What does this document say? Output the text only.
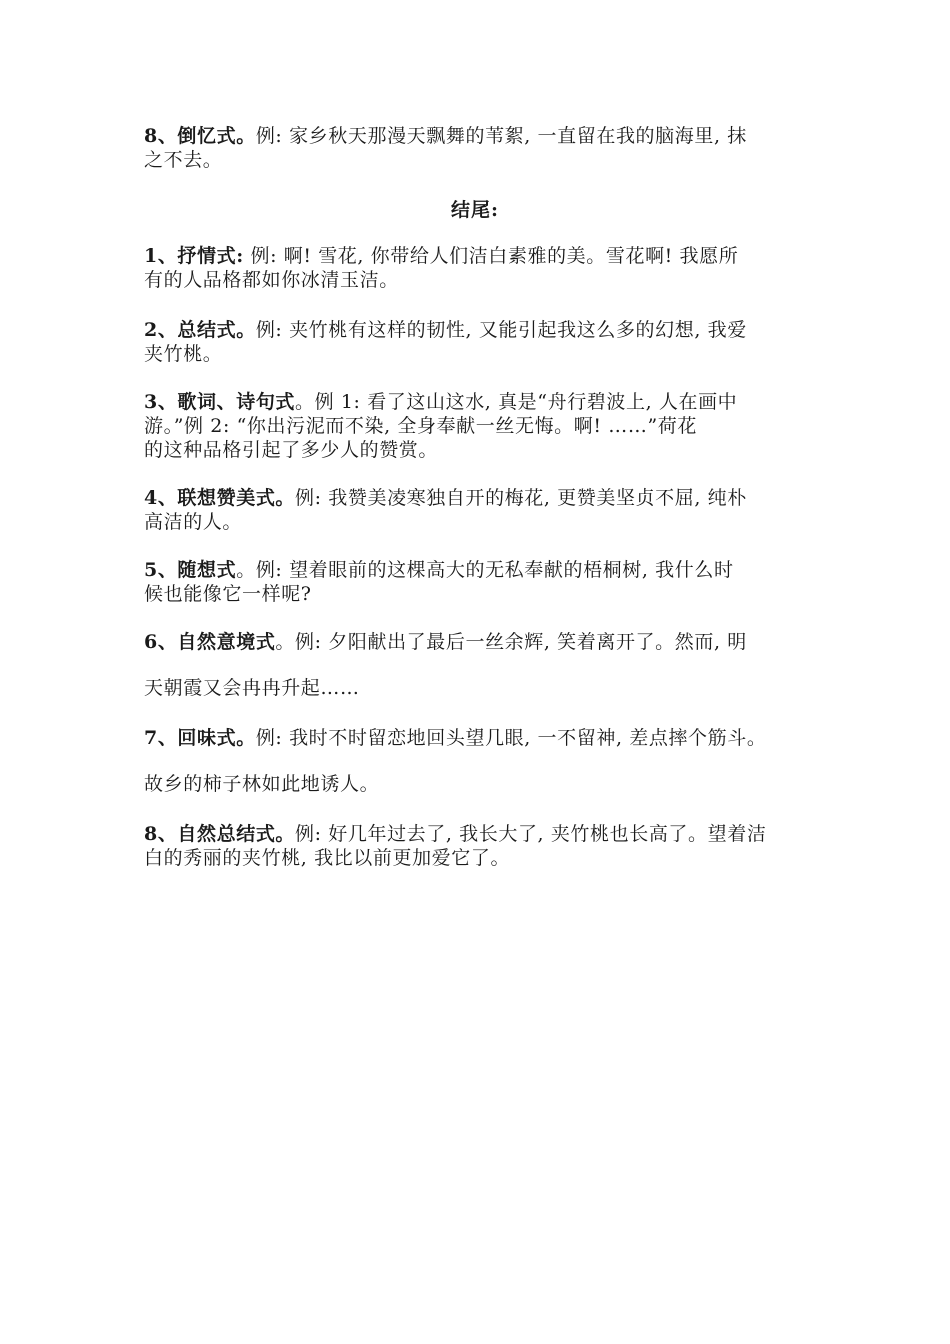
8、倒忆式。例: 家乡秋天那漫天飘舞的苇絮, 一直留在我的脑海里, 抹
之不去。
结尾:
1、抒情式: 例: 啊! 雪花, 你带给人们洁白素雅的美。雪花啊! 我愿所
有的人品格都如你冰清玉洁。
2、总结式。例: 夹竹桃有这样的韧性, 又能引起我这么多的幻想, 我爱
夹竹桃。
3、歌词、诗句式。例 1: 看了这山这水, 真是“舟行碧波上, 人在画中
游。”例 2: “你出污泥而不染, 全身奉献一丝无悔。啊! ……”荷花
的这种品格引起了多少人的赞赏。
4、联想赞美式。例: 我赞美凌寒独自开的梅花, 更赞美坚贞不屈, 纯朴
高洁的人。
5、随想式。例: 望着眼前的这棵高大的无私奉献的梧桐树, 我什么时
候也能像它一样呢?
6、自然意境式。例: 夕阳献出了最后一丝余辉, 笑着离开了。然而, 明
天朝霞又会冉冉升起……
7、回味式。例: 我时不时留恋地回头望几眼, 一不留神, 差点摔个筋斗。
故乡的柿子林如此地诱人。
8、自然总结式。例: 好几年过去了, 我长大了, 夹竹桃也长高了。望着洁
白的秀丽的夹竹桃, 我比以前更加爱它了。
